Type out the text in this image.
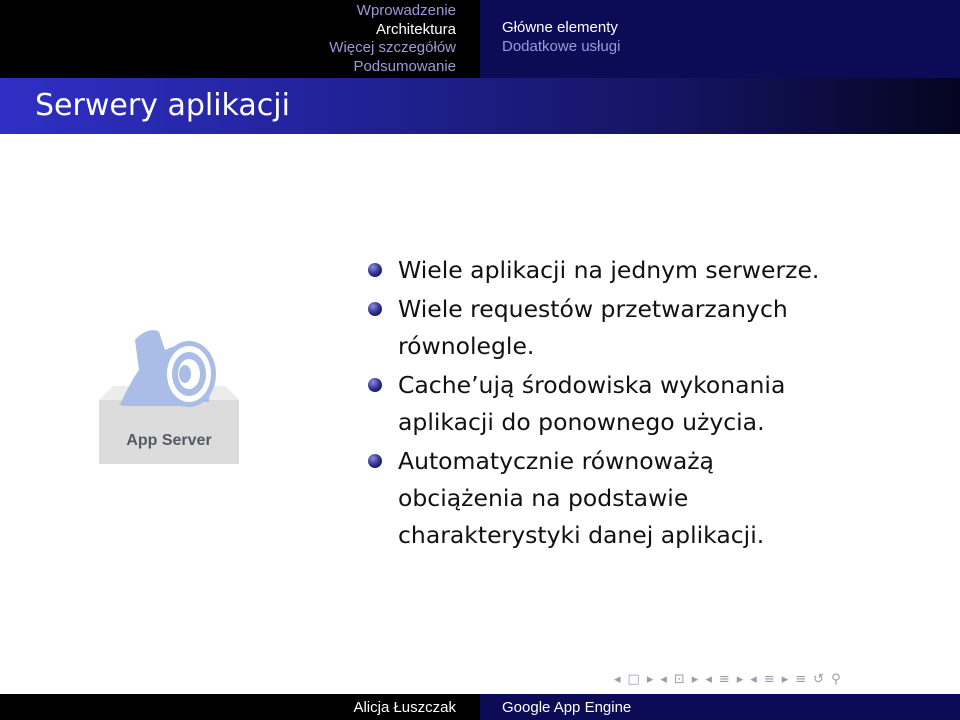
Wprowadzenie
Architektura
Więcej szczegółów
Podsumowanie
Główne elementy
Dodatkowe usługi
Serwery aplikacji
App Server
Wiele aplikacji na jednym serwerze.
Wiele requestów przetwarzanych równolegle.
Cache’ują środowiska wykonania aplikacji do ponownego użycia.
Automatycznie równoważą obciążenia na podstawie charakterystyki danej aplikacji.
◂ □ ▸ ◂ ⊡ ▸ ◂ ≡ ▸ ◂ ≡ ▸ ≡ ↺ ⚲
Alicja Łuszczak	Google App Engine
